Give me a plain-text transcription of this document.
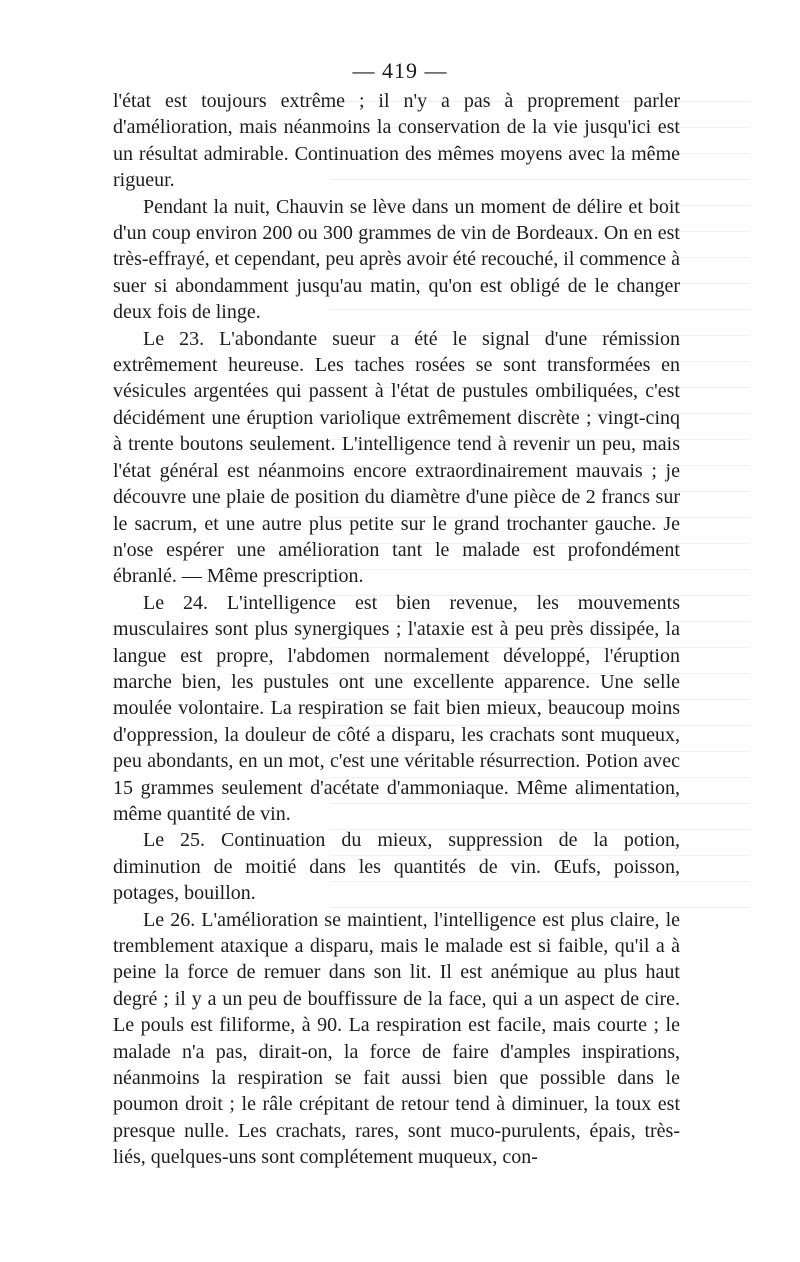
— 419 —

l'état est toujours extrême ; il n'y a pas à proprement parler d'amélioration, mais néanmoins la conservation de la vie jusqu'ici est un résultat admirable. Continuation des mêmes moyens avec la même rigueur.

Pendant la nuit, Chauvin se lève dans un moment de délire et boit d'un coup environ 200 ou 300 grammes de vin de Bordeaux. On en est très-effrayé, et cependant, peu après avoir été recouché, il commence à suer si abondamment jusqu'au matin, qu'on est obligé de le changer deux fois de linge.

Le 23. L'abondante sueur a été le signal d'une rémission extrêmement heureuse. Les taches rosées se sont transformées en vésicules argentées qui passent à l'état de pustules ombiliquées, c'est décidément une éruption variolique extrêmement discrète ; vingt-cinq à trente boutons seulement. L'intelligence tend à revenir un peu, mais l'état général est néanmoins encore extraordinairement mauvais ; je découvre une plaie de position du diamètre d'une pièce de 2 francs sur le sacrum, et une autre plus petite sur le grand trochanter gauche. Je n'ose espérer une amélioration tant le malade est profondément ébranlé. — Même prescription.

Le 24. L'intelligence est bien revenue, les mouvements musculaires sont plus synergiques ; l'ataxie est à peu près dissipée, la langue est propre, l'abdomen normalement développé, l'éruption marche bien, les pustules ont une excellente apparence. Une selle moulée volontaire. La respiration se fait bien mieux, beaucoup moins d'oppression, la douleur de côté a disparu, les crachats sont muqueux, peu abondants, en un mot, c'est une véritable résurrection. Potion avec 15 grammes seulement d'acétate d'ammoniaque. Même alimentation, même quantité de vin.

Le 25. Continuation du mieux, suppression de la potion, diminution de moitié dans les quantités de vin. Œufs, poisson, potages, bouillon.

Le 26. L'amélioration se maintient, l'intelligence est plus claire, le tremblement ataxique a disparu, mais le malade est si faible, qu'il a à peine la force de remuer dans son lit. Il est anémique au plus haut degré ; il y a un peu de bouffissure de la face, qui a un aspect de cire. Le pouls est filiforme, à 90. La respiration est facile, mais courte ; le malade n'a pas, dirait-on, la force de faire d'amples inspirations, néanmoins la respiration se fait aussi bien que possible dans le poumon droit ; le râle crépitant de retour tend à diminuer, la toux est presque nulle. Les crachats, rares, sont muco-purulents, épais, très-liés, quelques-uns sont complétement muqueux, con-
